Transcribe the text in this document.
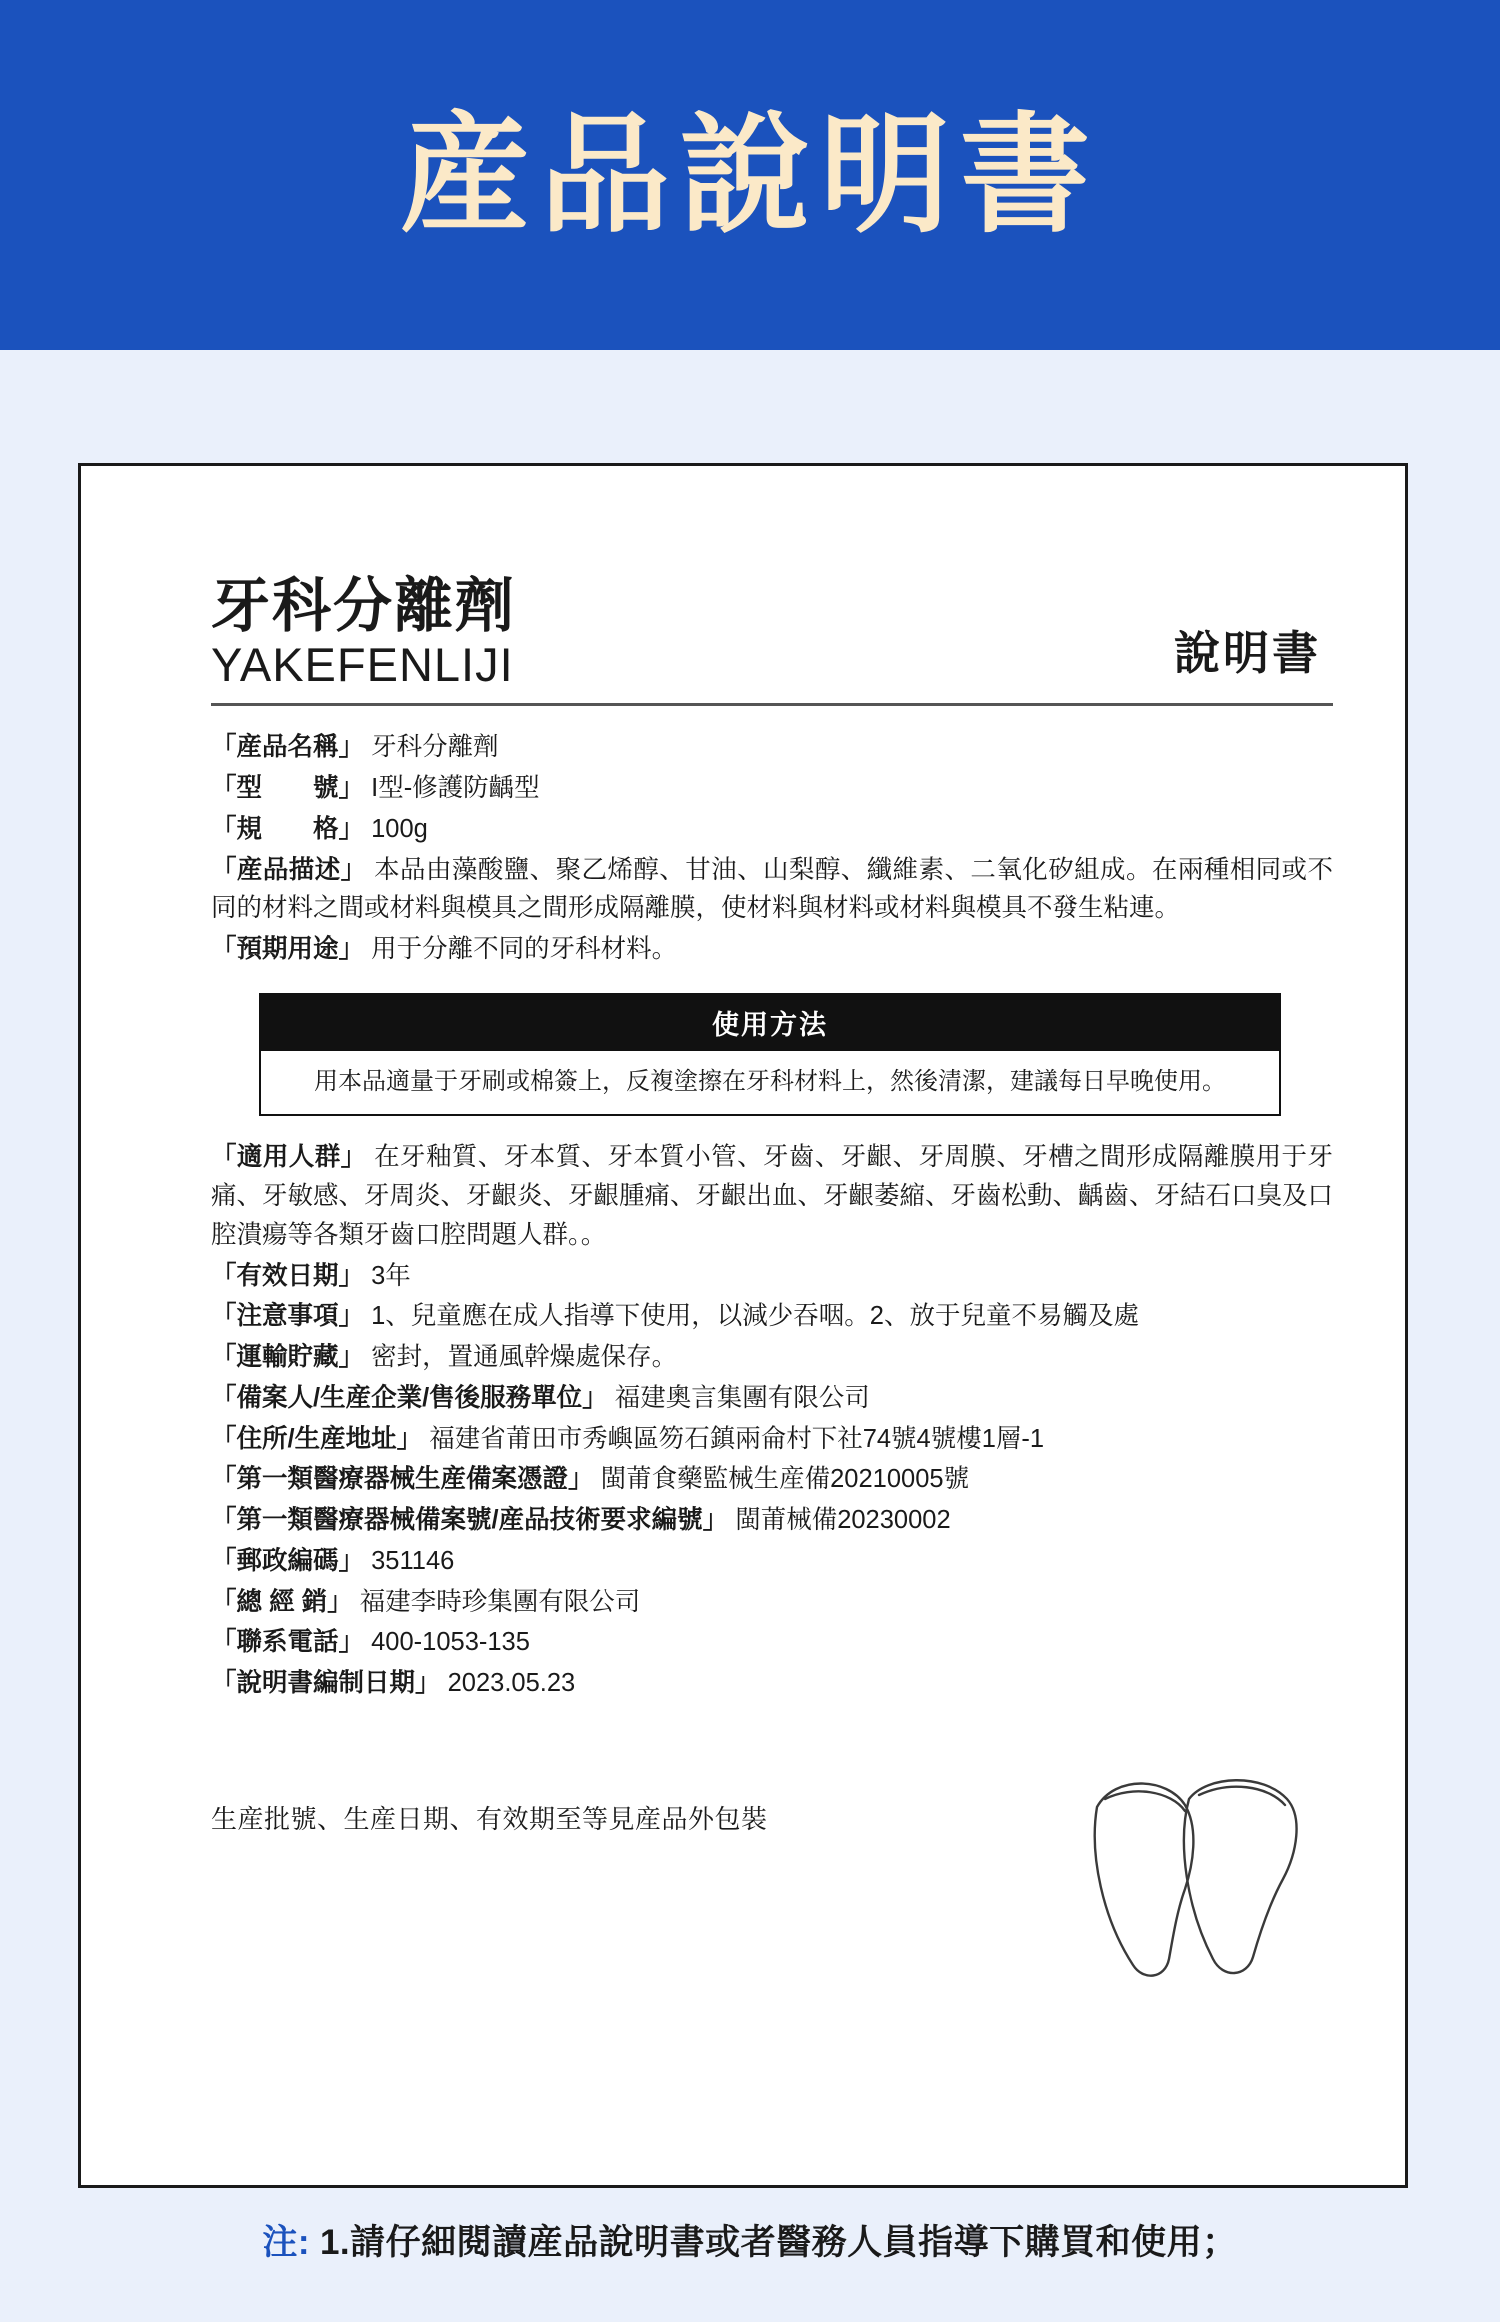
産品說明書
牙科分離劑
YAKEFENLIJI	說明書

「産品名稱」 牙科分離劑

「型　　號」 I型-修護防齲型

「規　　格」 100g

「産品描述」 本品由藻酸鹽、聚乙烯醇、甘油、山梨醇、纖維素、二氧化矽組成。在兩種相同或不同的材料之間或材料與模具之間形成隔離膜，使材料與材料或材料與模具不發生粘連。

「預期用途」 用于分離不同的牙科材料。

使用方法
用本品適量于牙刷或棉簽上，反複塗擦在牙科材料上，然後清潔，建議每日早晚使用。

「適用人群」 在牙釉質、牙本質、牙本質小管、牙齒、牙齦、牙周膜、牙槽之間形成隔離膜用于牙痛、牙敏感、牙周炎、牙齦炎、牙齦腫痛、牙齦出血、牙齦萎縮、牙齒松動、齲齒、牙結石口臭及口腔潰瘍等各類牙齒口腔問題人群。。

「有效日期」 3年

「注意事項」 1、兒童應在成人指導下使用，以減少吞咽。2、放于兒童不易觸及處

「運輸貯藏」 密封，置通風幹燥處保存。

「備案人/生産企業/售後服務單位」 福建奧言集團有限公司

「住所/生産地址」 福建省莆田市秀嶼區笏石鎮兩侖村下社74號4號樓1層-1

「第一類醫療器械生産備案憑證」 閩莆食藥監械生産備20210005號

「第一類醫療器械備案號/産品技術要求編號」 閩莆械備20230002

「郵政編碼」 351146

「總 經 銷」 福建李時珍集團有限公司

「聯系電話」 400-1053-135

「說明書編制日期」 2023.05.23

生産批號、生産日期、有效期至等見産品外包裝
注: 1.請仔細閱讀産品說明書或者醫務人員指導下購買和使用；
